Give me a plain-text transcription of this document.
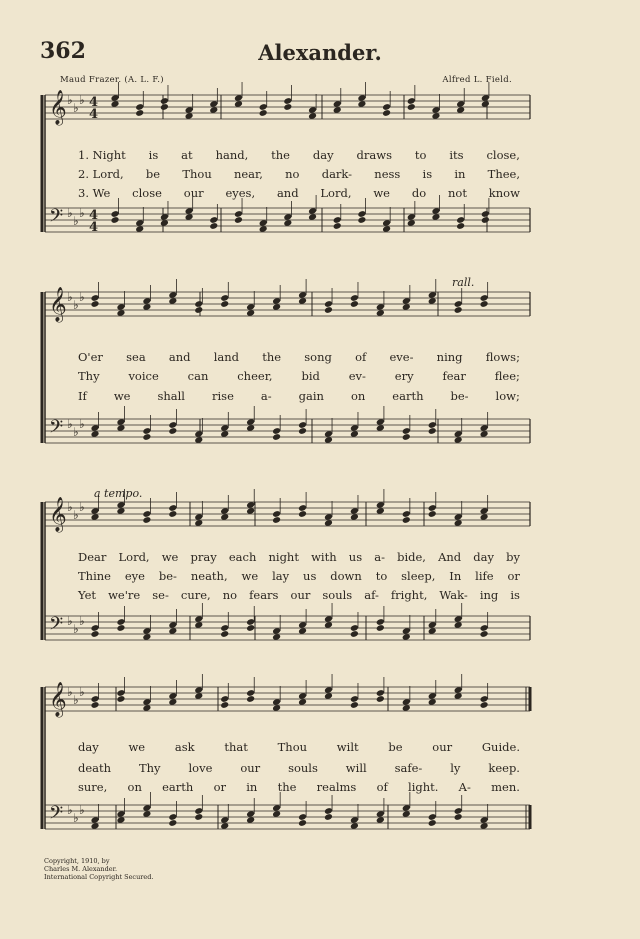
362	Alexander.
Maud Frazer. (A. L. F.)	Alfred L. Field.
𝄞 ♭
♭
♭
𝄢 ♭
♭
♭
4
4
4
4
𝄞 ♭
♭
♭
𝄢 ♭
♭
♭
𝄞 ♭
♭
♭
𝄢 ♭
♭
♭
𝄞 ♭
♭
♭
𝄢 ♭
♭
♭
rall.
a tempo.
1. Night is at hand, the day draws to its close,
2. Lord, be Thou near, no dark- ness is in Thee,
3. We close our eyes, and Lord, we do not know
O'er sea and land the song of eve- ning flows;
Thy	voice	can	cheer,	bid	ev-	ery	fear	flee;
If we shall rise a- gain on earth be- low;
Dear Lord, we pray each night with us a- bide, And day by
Thine eye be- neath, we lay us down to sleep, In life or
Yet we're se- cure, no fears our souls af- fright, Wak- ing is
day	we	ask	that	Thou	wilt	be	our	Guide.
death Thy love our souls will safe- ly keep.
sure, on earth or in the realms of light. A- men.
Copyright, 1910, by
Charles M. Alexander.
International Copyright Secured.
